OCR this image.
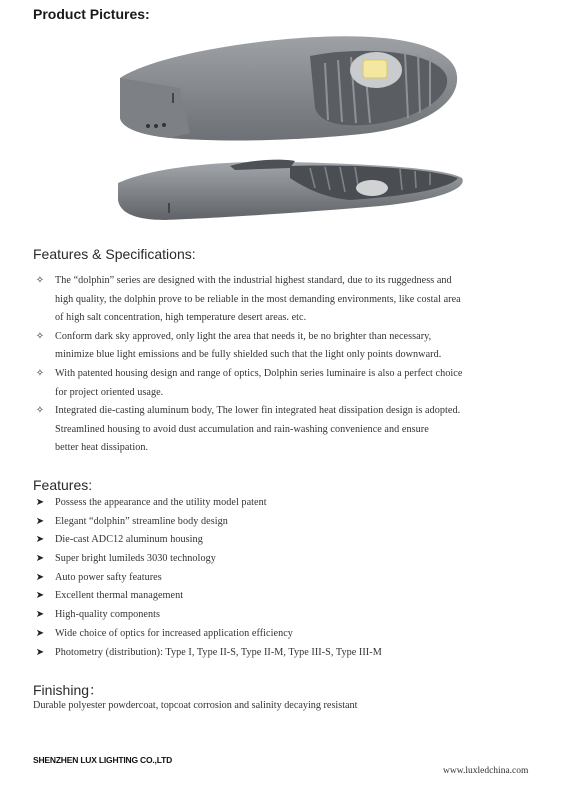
Product Pictures:
Features & Specifications:
✧ The “dolphin” series are designed with the industrial highest standard, due to its ruggedness and
high quality, the dolphin prove to be reliable in the most demanding environments, like costal area
of high salt concentration, high temperature desert areas. etc.
✧ Conform dark sky approved, only light the area that needs it, be no brighter than necessary,
minimize blue light emissions and be fully shielded such that the light only points downward.
✧ With patented housing design and range of optics, Dolphin series luminaire is also a perfect choice
for project oriented usage.
✧ Integrated die-casting aluminum body, The lower fin integrated heat dissipation design is adopted.
Streamlined housing to avoid dust accumulation and rain-washing convenience and ensure
better heat dissipation.
Features:
➤ Possess the appearance and the utility model patent
➤ Elegant “dolphin” streamline body design
➤ Die-cast ADC12 aluminum housing
➤ Super bright lumileds 3030 technology
➤ Auto power safty features
➤ Excellent thermal management
➤ High-quality components
➤ Wide choice of optics for increased application efficiency
➤ Photometry (distribution): Type I, Type II-S, Type II-M, Type III-S, Type III-M
Finishing：
Durable polyester powdercoat, topcoat corrosion and salinity decaying resistant
SHENZHEN LUX LIGHTING CO.,LTD
www.luxledchina.com
